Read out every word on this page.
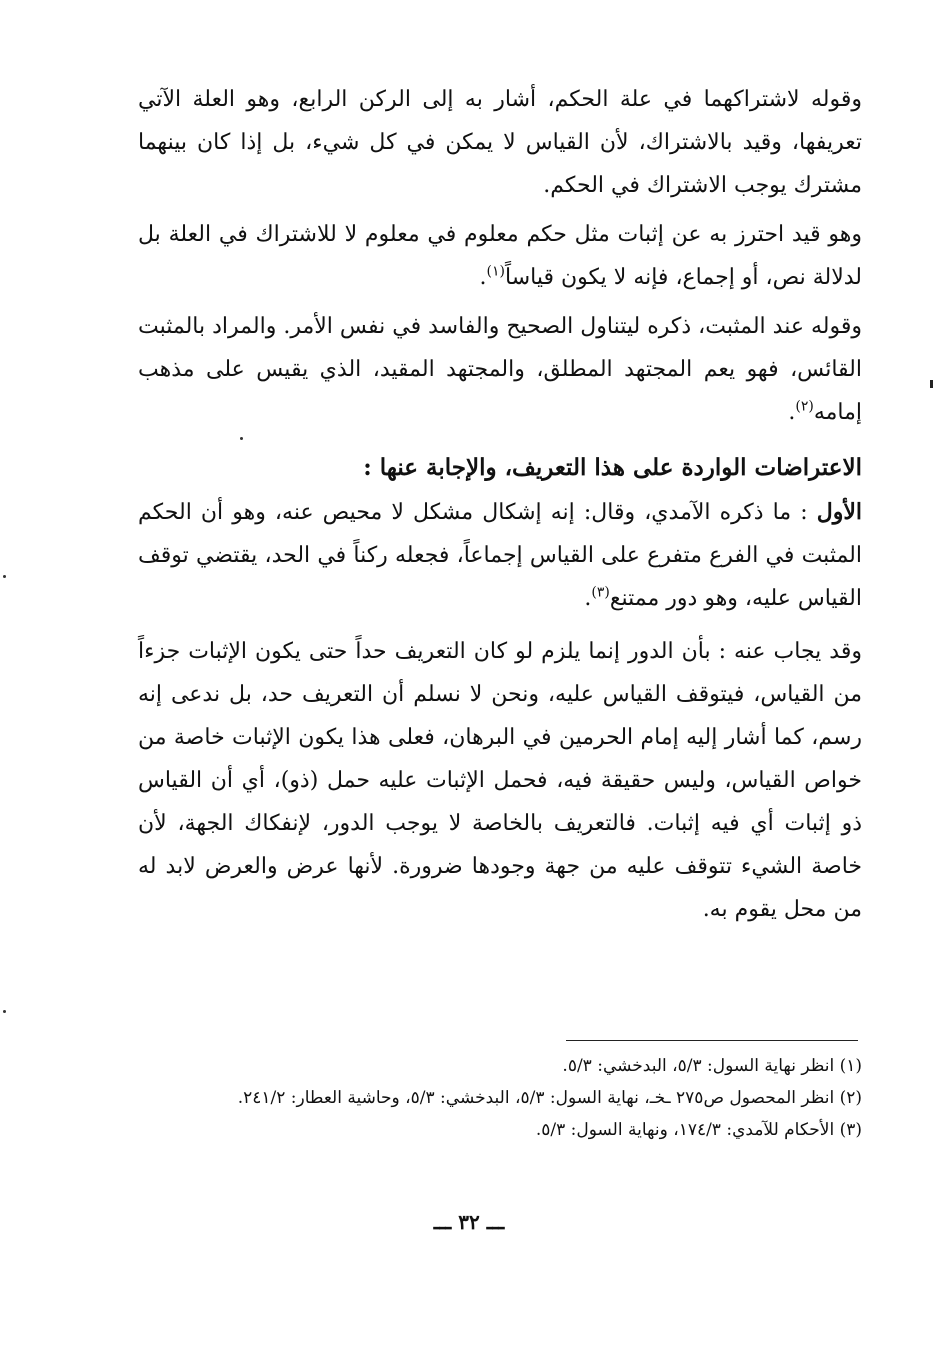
وقوله لاشتراكهما في علة الحكم، أشار به إلى الركن الرابع، وهو العلة الآتي تعريفها، وقيد بالاشتراك، لأن القياس لا يمكن في كل شيء، بل إذا كان بينهما مشترك يوجب الاشتراك في الحكم.

وهو قيد احترز به عن إثبات مثل حكم معلوم في معلوم لا للاشتراك في العلة بل لدلالة نص، أو إجماع، فإنه لا يكون قياساً$^{(١)}$.

وقوله عند المثبت، ذكره ليتناول الصحيح والفاسد في نفس الأمر. والمراد بالمثبت القائس، فهو يعم المجتهد المطلق، والمجتهد المقيد، الذي يقيس على مذهب إمامه$^{(٢)}$.

الاعتراضات الواردة على هذا التعريف، والإجابة عنها :

الأول : ما ذكره الآمدي، وقال: إنه إشكال مشكل لا محيص عنه، وهو أن الحكم المثبت في الفرع متفرع على القياس إجماعاً، فجعله ركناً في الحد، يقتضي توقف القياس عليه، وهو دور ممتنع$^{(٣)}$.

وقد يجاب عنه : بأن الدور إنما يلزم لو كان التعريف حداً حتى يكون الإثبات جزءاً من القياس، فيتوقف القياس عليه، ونحن لا نسلم أن التعريف حد، بل ندعى إنه رسم، كما أشار إليه إمام الحرمين في البرهان، فعلى هذا يكون الإثبات خاصة من خواص القياس، وليس حقيقة فيه، فحمل الإثبات عليه حمل (ذو)، أي أن القياس ذو إثبات أي فيه إثبات. فالتعريف بالخاصة لا يوجب الدور، لإنفكاك الجهة، لأن خاصة الشيء تتوقف عليه من جهة وجودها ضرورة. لأنها عرض والعرض لابد له من محل يقوم به.

(١) انظر نهاية السول: ٥/٣، البدخشي: ٥/٣.

(٢) انظر المحصول ص٢٧٥ ـخـ، نهاية السول: ٥/٣، البدخشي: ٥/٣، وحاشية العطار: ٢٤١/٢.

(٣) الأحكام للآمدي: ١٧٤/٣، ونهاية السول: ٥/٣.

ـــ ٣٢ ـــ
